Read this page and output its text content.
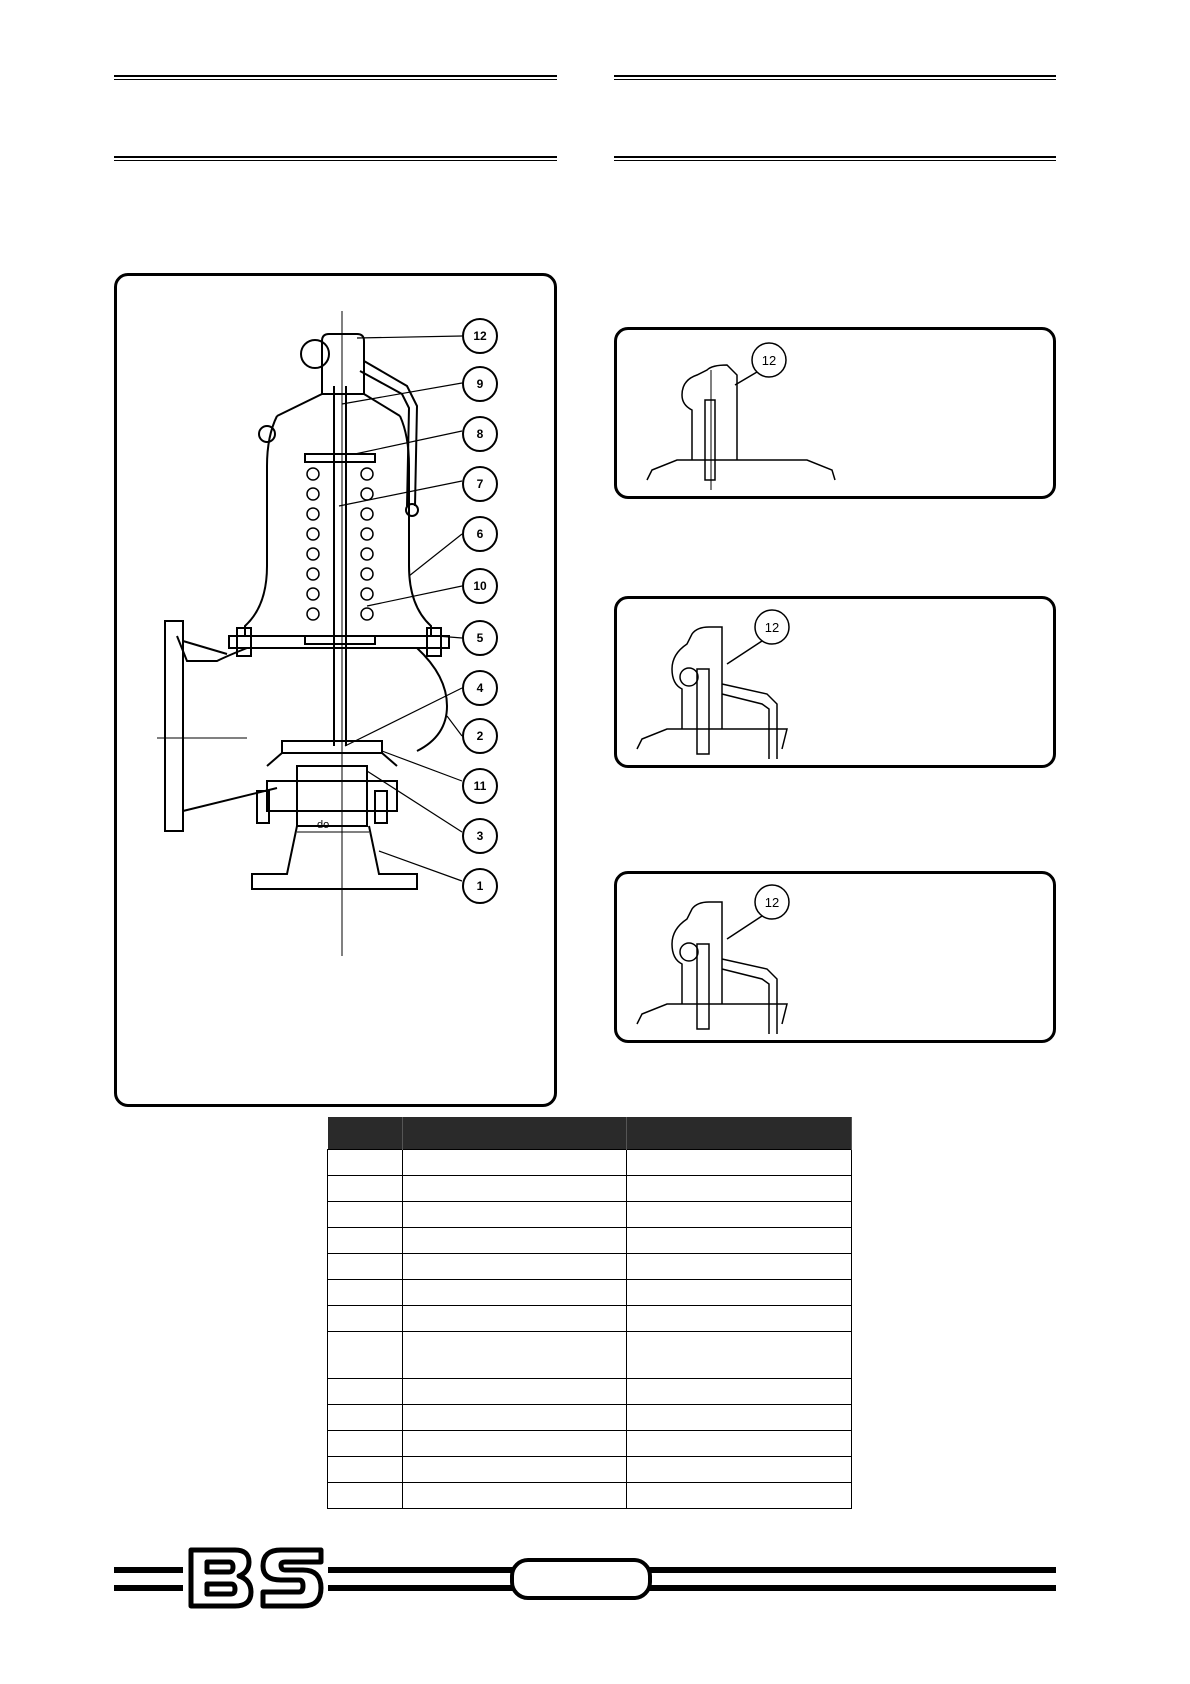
do
12
9
8
7
6
10
5
4
2
11
3
1
12
12
12
